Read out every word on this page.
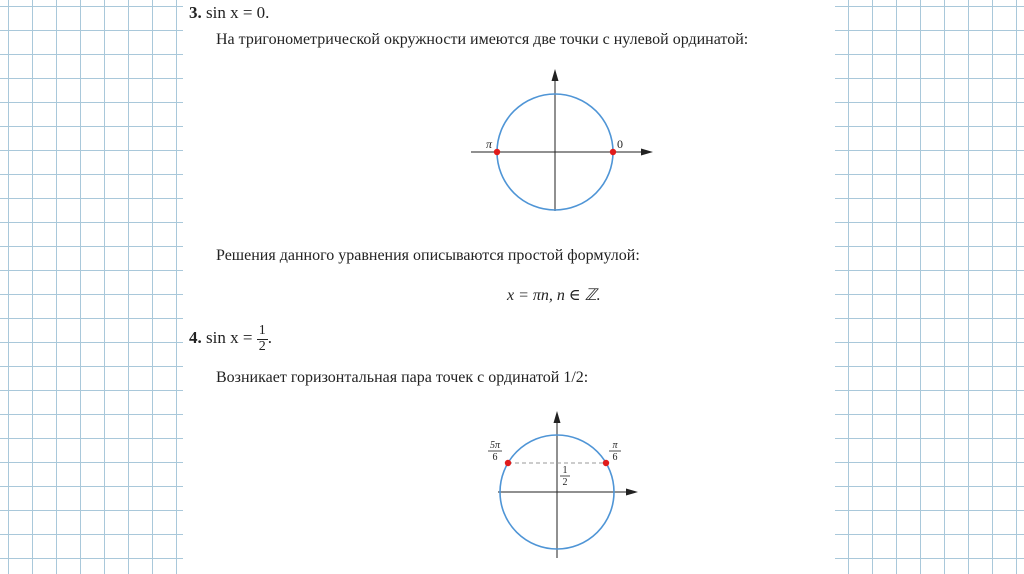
3. sin x = 0.
На тригонометрической окружности имеются две точки с нулевой ординатой:
π	0
Решения данного уравнения описываются простой формулой:
x = πn, n ∈ ℤ.
4. $\sin x = \frac{1}{2}$ .
Возникает горизонтальная пара точек с ординатой 1/2:
5π
6
π
6
1
2
